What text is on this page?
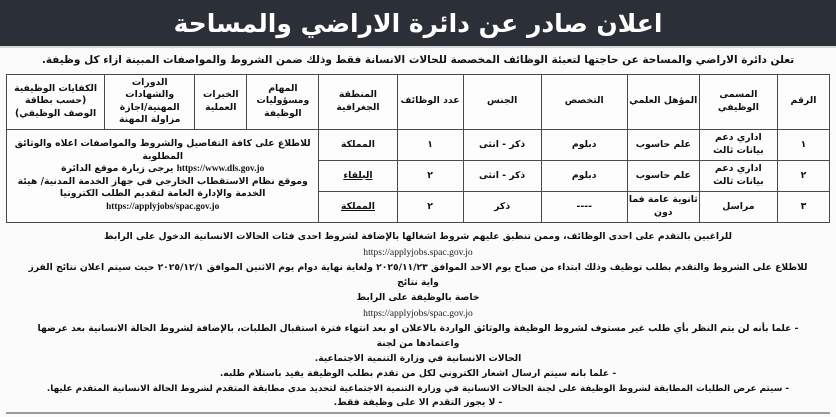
اعلان صادر عن دائرة الاراضي والمساحة
تعلن دائرة الاراضي والمساحة عن حاجتها لتعبئة الوظائف المخصصة للحالات الانسانة فقط وذلك ضمن الشروط والمواصفات المبينة ازاء كل وظيفة.
الرقم	المسمى الوظيفي	المؤهل العلمي	التخصص	الجنس	عدد الوظائف	المنطقة الجغرافية	المهام ومسؤوليات الوظيفة	الخبرات العملية	الدورات والشهادات المهنية/اجازة مزاولة المهنة	الكفايات الوظيفية (حسب بطاقة الوصف الوظيفي)
١	اداري دعم بيانات ثالث	علم حاسوب	دبلوم	ذكر - انثى	١	المملكة	للاطلاع على كافة التفاصيل والشروط والمواصفات اعلاه والوثائق المطلوبة
https://www.dls.gov.jo يرجى زيارة موقع الدائرة
وموقع نظام الاستقطاب الخارجي في جهاز الخدمة المدنية/ هيئة الخدمة والإدارة العامة لتقديم الطلب الكترونيا
https://applyjobs/spac.gov.jo			

٢	اداري دعم بيانات ثالث	علم حاسوب	دبلوم	ذكر - انثى	٢	البلقاء				
٣	مراسل	ثانوية عامة فما دون	----	ذكر	٢	المملكة				
للراغبين بالتقدم على احدى الوظائف، وممن تنطبق عليهم شروط اشغالها بالإضافة لشروط احدى فئات الحالات الانسانية الدخول على الرابط
https://applyjobs.spac.gov.jo
للاطلاع على الشروط والتقدم بطلب توظيف وذلك ابتداء من صباح يوم الاحد الموافق ٢٠٢٥/١١/٢٣ ولغاية نهاية دوام يوم الاثنين الموافق ٢٠٢٥/١٢/١ حيث سيتم اعلان نتائج الفرز واية نتائج
خاصة بالوظيفة على الرابط
https://applyjobs/spac.gov.jo
- علما بأنه لن يتم النظر بأي طلب غير مستوف لشروط الوظيفة والوثائق الواردة بالاعلان او بعد انتهاء فترة استقبال الطلبات، بالإضافة لشروط الحالة الانسانية بعد عرضها واعتمادها من لجنة
الحالات الانسانية في وزارة التنمية الاجتماعية.
- علما بانه سيتم ارسال اشعار الكتروني لكل من تقدم بطلب الوظيفة يفيد باستلام طلبه.
- سيتم عرض الطلبات المطابقة لشروط الوظيفة على لجنة الحالات الانسانية في وزارة التنمية الاجتماعية لتحديد مدى مطابقة المتقدم لشروط الحالة الانسانية المتقدم عليها.
- لا يجوز التقدم الا على وظيفة فقط.
